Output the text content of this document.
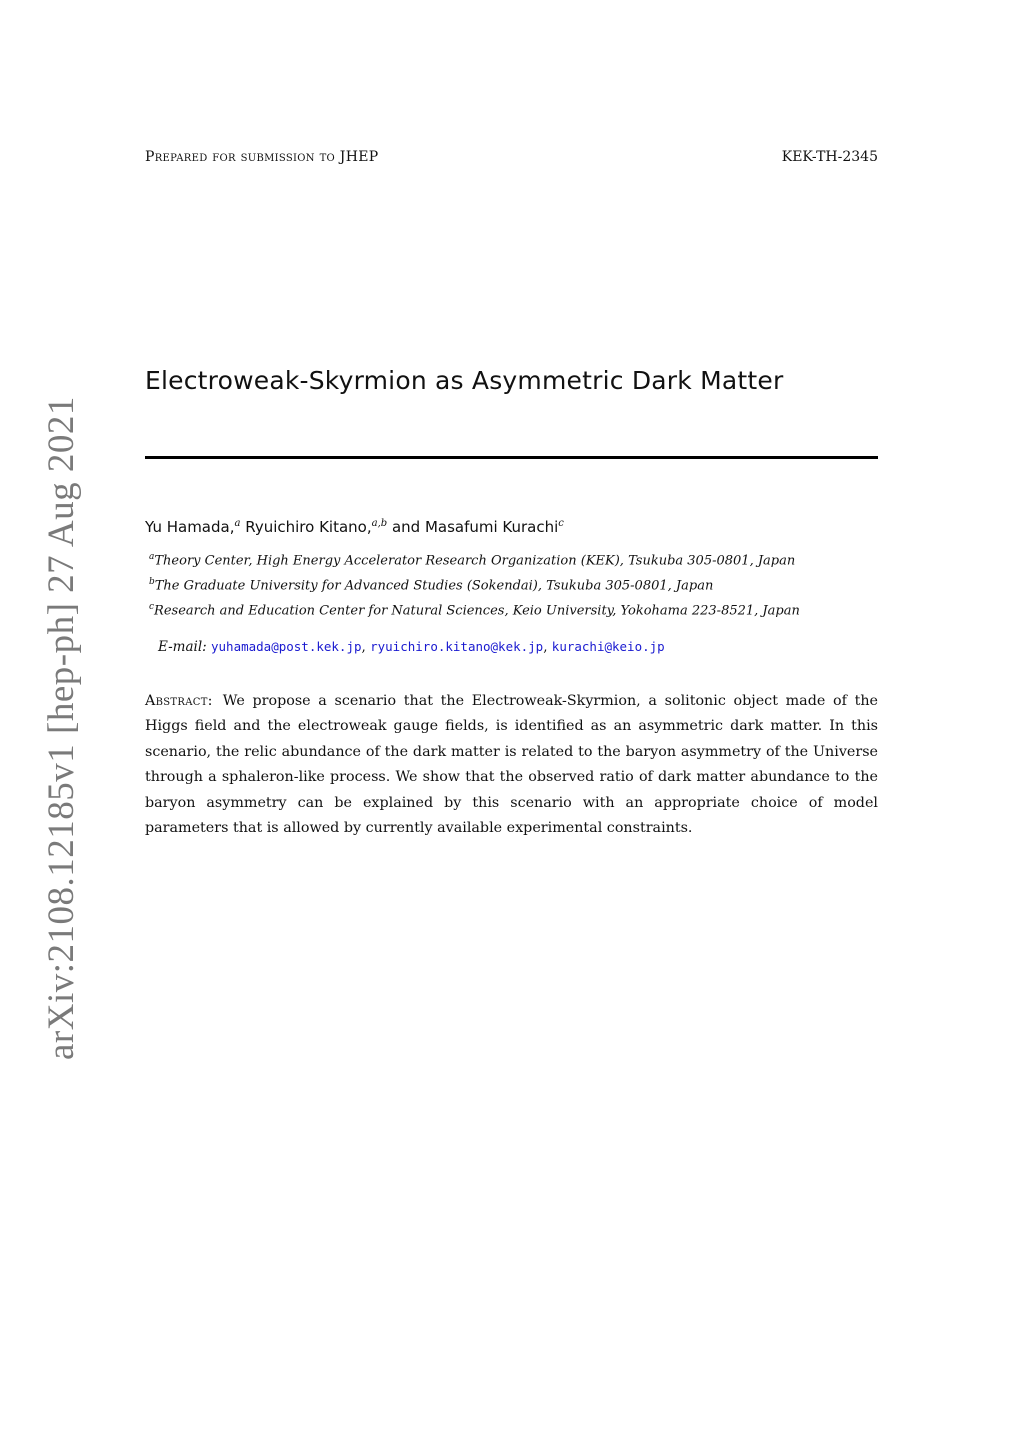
arXiv:2108.12185v1 [hep-ph] 27 Aug 2021
Prepared for submission to JHEP	KEK-TH-2345
Electroweak-Skyrmion as Asymmetric Dark Matter
Yu Hamada,$^a$ Ryuichiro Kitano,$^{a,b}$ and Masafumi Kurachi$^c$
$^a$Theory Center, High Energy Accelerator Research Organization (KEK), Tsukuba 305-0801, Japan
$^b$The Graduate University for Advanced Studies (Sokendai), Tsukuba 305-0801, Japan
$^c$Research and Education Center for Natural Sciences, Keio University, Yokohama 223-8521, Japan
E-mail: yuhamada@post.kek.jp, ryuichiro.kitano@kek.jp, kurachi@keio.jp
Abstract: We propose a scenario that the Electroweak-Skyrmion, a solitonic object made of the Higgs field and the electroweak gauge fields, is identified as an asymmetric dark matter. In this scenario, the relic abundance of the dark matter is related to the baryon asymmetry of the Universe through a sphaleron-like process. We show that the observed ratio of dark matter abundance to the baryon asymmetry can be explained by this scenario with an appropriate choice of model parameters that is allowed by currently available experimental constraints.
